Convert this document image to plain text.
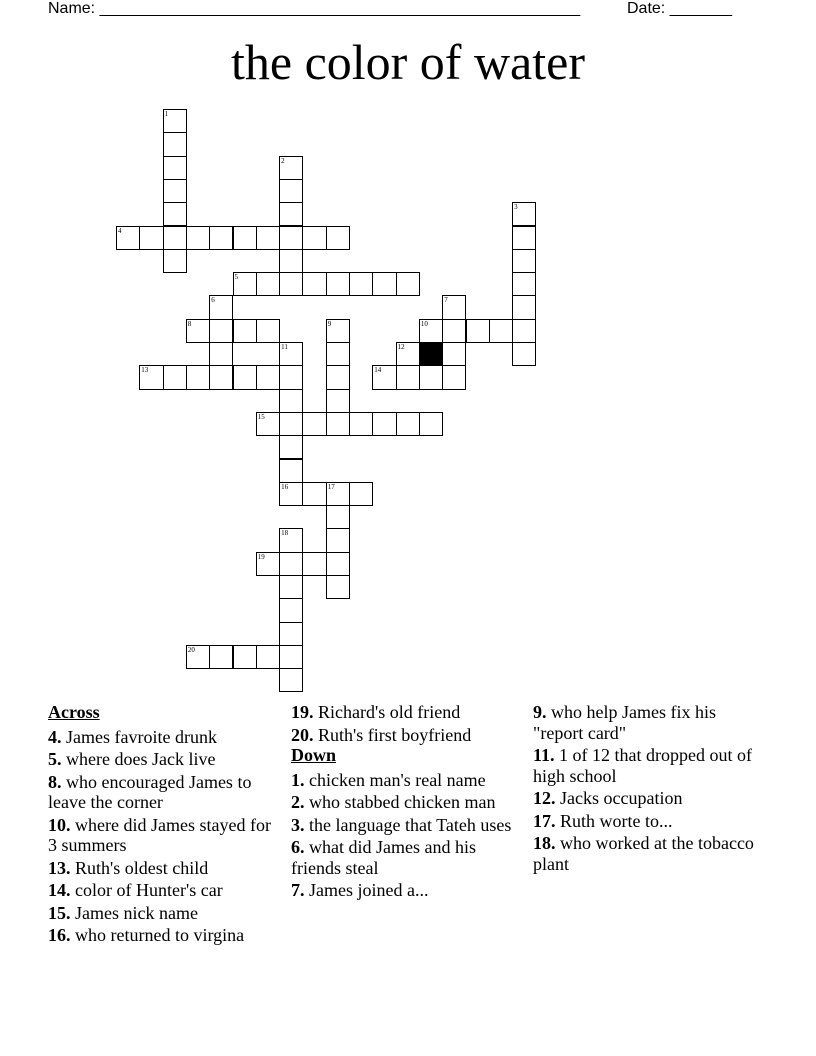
Name: ______________________________________________________	Date: _______
the color of water
1
2
3
4
5
6	7
8	9	10
11	12
13	14
15
16	17
18
19
20
Across
4. James favroite drunk
5. where does Jack live
8. who encouraged James to leave the corner
10. where did James stayed for 3 summers
13. Ruth's oldest child
14. color of Hunter's car
15. James nick name
16. who returned to virgina
19. Richard's old friend
20. Ruth's first boyfriend
Down
1. chicken man's real name
2. who stabbed chicken man
3. the language that Tateh uses
6. what did James and his friends steal
7. James joined a...
9. who help James fix his "report card"
11. 1 of 12 that dropped out of high school
12. Jacks occupation
17. Ruth worte to...
18. who worked at the tobacco plant
